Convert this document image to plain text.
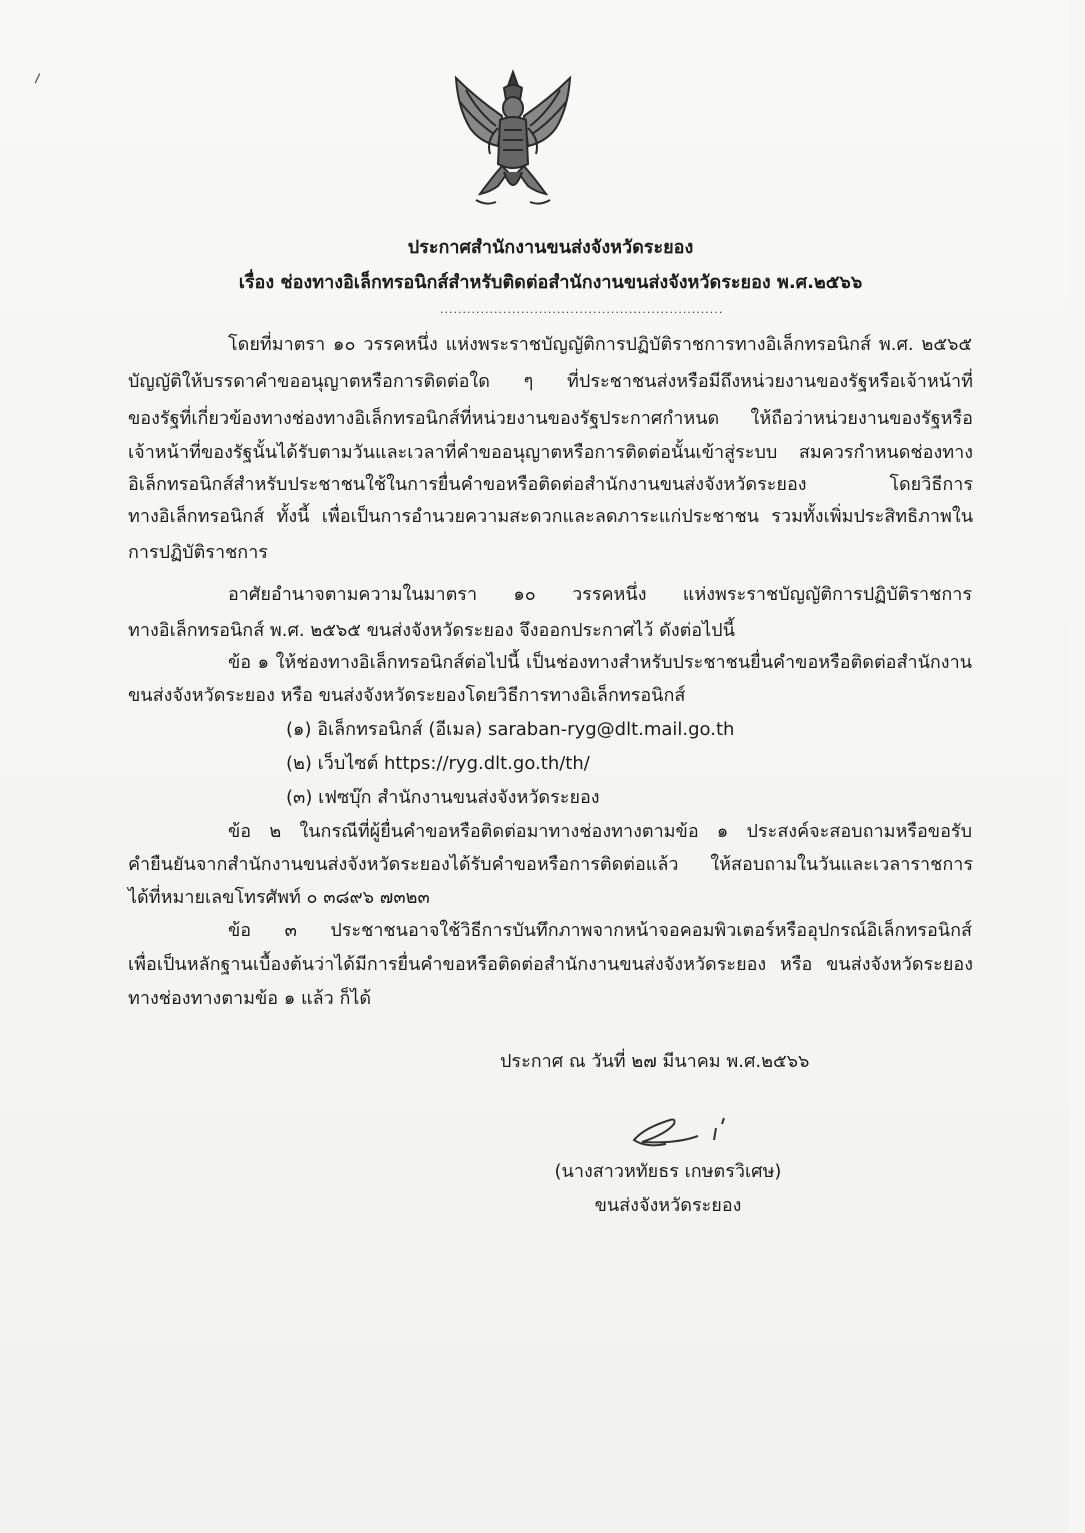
⸝
ประกาศสำนักงานขนส่งจังหวัดระยอง
เรื่อง ช่องทางอิเล็กทรอนิกส์สำหรับติดต่อสำนักงานขนส่งจังหวัดระยอง พ.ศ.๒๕๖๖
...............................................................
โดยที่มาตรา ๑๐ วรรคหนึ่ง แห่งพระราชบัญญัติการปฏิบัติราชการทางอิเล็กทรอนิกส์ พ.ศ. ๒๕๖๕
บัญญัติให้บรรดาคำขออนุญาตหรือการติดต่อใด ๆ ที่ประชาชนส่งหรือมีถึงหน่วยงานของรัฐหรือเจ้าหน้าที่
ของรัฐที่เกี่ยวข้องทางช่องทางอิเล็กทรอนิกส์ที่หน่วยงานของรัฐประกาศกำหนด ให้ถือว่าหน่วยงานของรัฐหรือ
เจ้าหน้าที่ของรัฐนั้นได้รับตามวันและเวลาที่คำขออนุญาตหรือการติดต่อนั้นเข้าสู่ระบบ สมควรกำหนดช่องทาง
อิเล็กทรอนิกส์สำหรับประชาชนใช้ในการยื่นคำขอหรือติดต่อสำนักงานขนส่งจังหวัดระยอง โดยวิธีการ
ทางอิเล็กทรอนิกส์ ทั้งนี้ เพื่อเป็นการอำนวยความสะดวกและลดภาระแก่ประชาชน รวมทั้งเพิ่มประสิทธิภาพใน
การปฏิบัติราชการ
อาศัยอำนาจตามความในมาตรา ๑๐ วรรคหนึ่ง แห่งพระราชบัญญัติการปฏิบัติราชการ
ทางอิเล็กทรอนิกส์ พ.ศ. ๒๕๖๕ ขนส่งจังหวัดระยอง จึงออกประกาศไว้ ดังต่อไปนี้
ข้อ ๑ ให้ช่องทางอิเล็กทรอนิกส์ต่อไปนี้ เป็นช่องทางสำหรับประชาชนยื่นคำขอหรือติดต่อสำนักงาน
ขนส่งจังหวัดระยอง หรือ ขนส่งจังหวัดระยองโดยวิธีการทางอิเล็กทรอนิกส์
(๑) อิเล็กทรอนิกส์ (อีเมล) saraban-ryg@dlt.mail.go.th
(๒) เว็บไซต์ https://ryg.dlt.go.th/th/
(๓) เฟซบุ๊ก สำนักงานขนส่งจังหวัดระยอง
ข้อ ๒ ในกรณีที่ผู้ยื่นคำขอหรือติดต่อมาทางช่องทางตามข้อ ๑ ประสงค์จะสอบถามหรือขอรับ
คำยืนยันจากสำนักงานขนส่งจังหวัดระยองได้รับคำขอหรือการติดต่อแล้ว ให้สอบถามในวันและเวลาราชการ
ได้ที่หมายเลขโทรศัพท์ ๐ ๓๘๙๖ ๗๓๒๓
ข้อ ๓ ประชาชนอาจใช้วิธีการบันทึกภาพจากหน้าจอคอมพิวเตอร์หรืออุปกรณ์อิเล็กทรอนิกส์
เพื่อเป็นหลักฐานเบื้องต้นว่าได้มีการยื่นคำขอหรือติดต่อสำนักงานขนส่งจังหวัดระยอง หรือ ขนส่งจังหวัดระยอง
ทางช่องทางตามข้อ ๑ แล้ว ก็ได้
ประกาศ ณ วันที่ ๒๗ มีนาคม พ.ศ.๒๕๖๖
(นางสาวหทัยธร เกษตรวิเศษ)
ขนส่งจังหวัดระยอง
